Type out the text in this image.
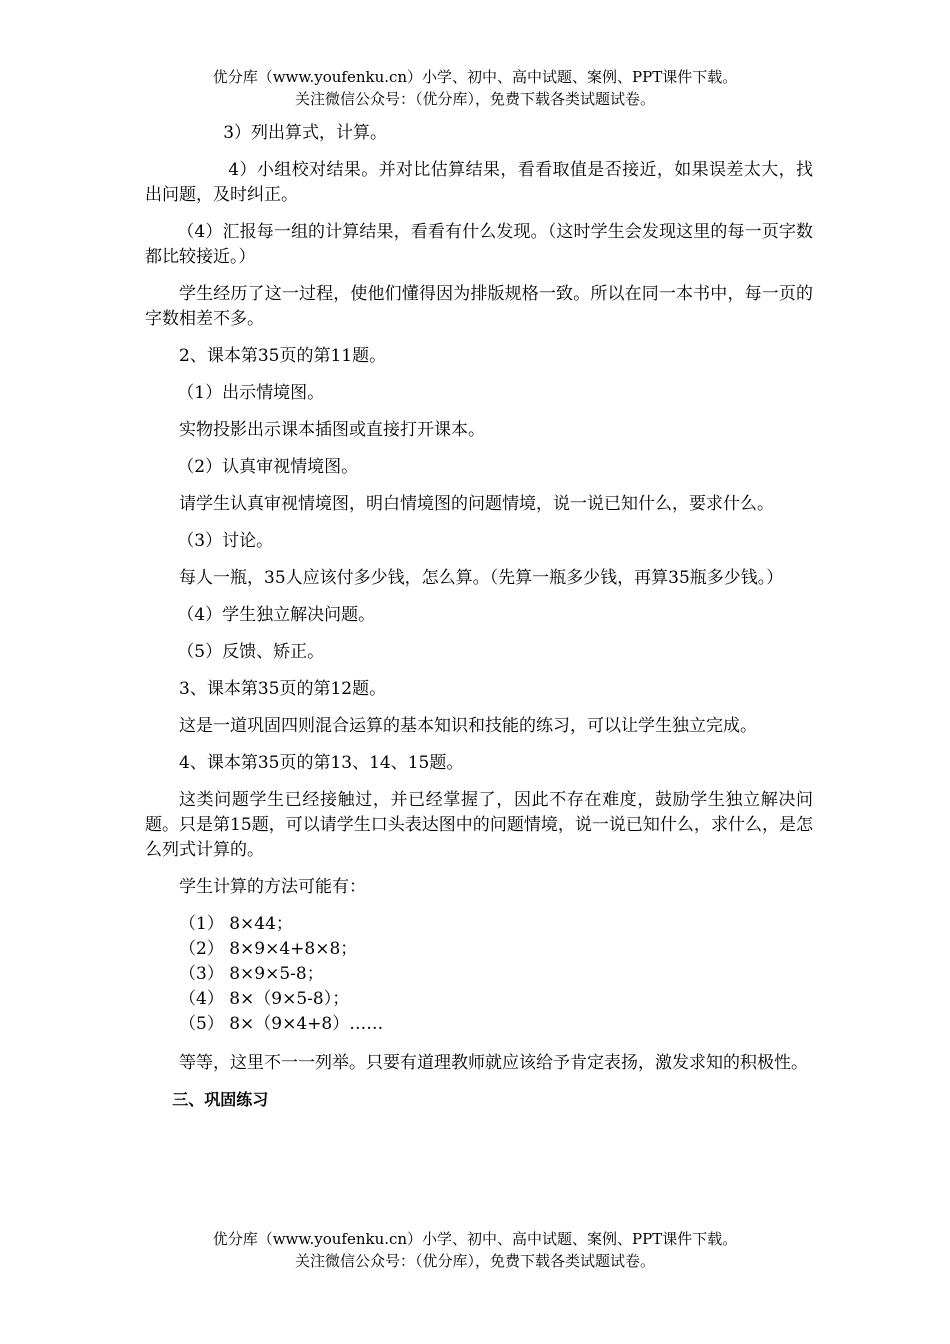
优分库（www.youfenku.cn）小学、初中、高中试题、案例、PPT课件下载。
关注微信公众号：（优分库），免费下载各类试题试卷。

3）列出算式，计算。

4）小组校对结果。并对比估算结果，看看取值是否接近，如果误差太大，找出问题，及时纠正。

（4）汇报每一组的计算结果，看看有什么发现。（这时学生会发现这里的每一页字数都比较接近。）

学生经历了这一过程，使他们懂得因为排版规格一致。所以在同一本书中，每一页的字数相差不多。

2、课本第35页的第11题。

（1）出示情境图。

实物投影出示课本插图或直接打开课本。

（2）认真审视情境图。

请学生认真审视情境图，明白情境图的问题情境，说一说已知什么，要求什么。

（3）讨论。

每人一瓶，35人应该付多少钱，怎么算。（先算一瓶多少钱，再算35瓶多少钱。）

（4）学生独立解决问题。

（5）反馈、矫正。

3、课本第35页的第12题。

这是一道巩固四则混合运算的基本知识和技能的练习，可以让学生独立完成。

4、课本第35页的第13、14、15题。

这类问题学生已经接触过，并已经掌握了，因此不存在难度，鼓励学生独立解决问题。只是第15题，可以请学生口头表达图中的问题情境，说一说已知什么，求什么，是怎么列式计算的。

学生计算的方法可能有：

（1） 8×44；
（2） 8×9×4+8×8；
（3） 8×9×5-8；
（4） 8×（9×5-8）；
（5） 8×（9×4+8）……

等等，这里不一一列举。只要有道理教师就应该给予肯定表扬，激发求知的积极性。

三、巩固练习
优分库（www.youfenku.cn）小学、初中、高中试题、案例、PPT课件下载。
关注微信公众号：（优分库），免费下载各类试题试卷。
